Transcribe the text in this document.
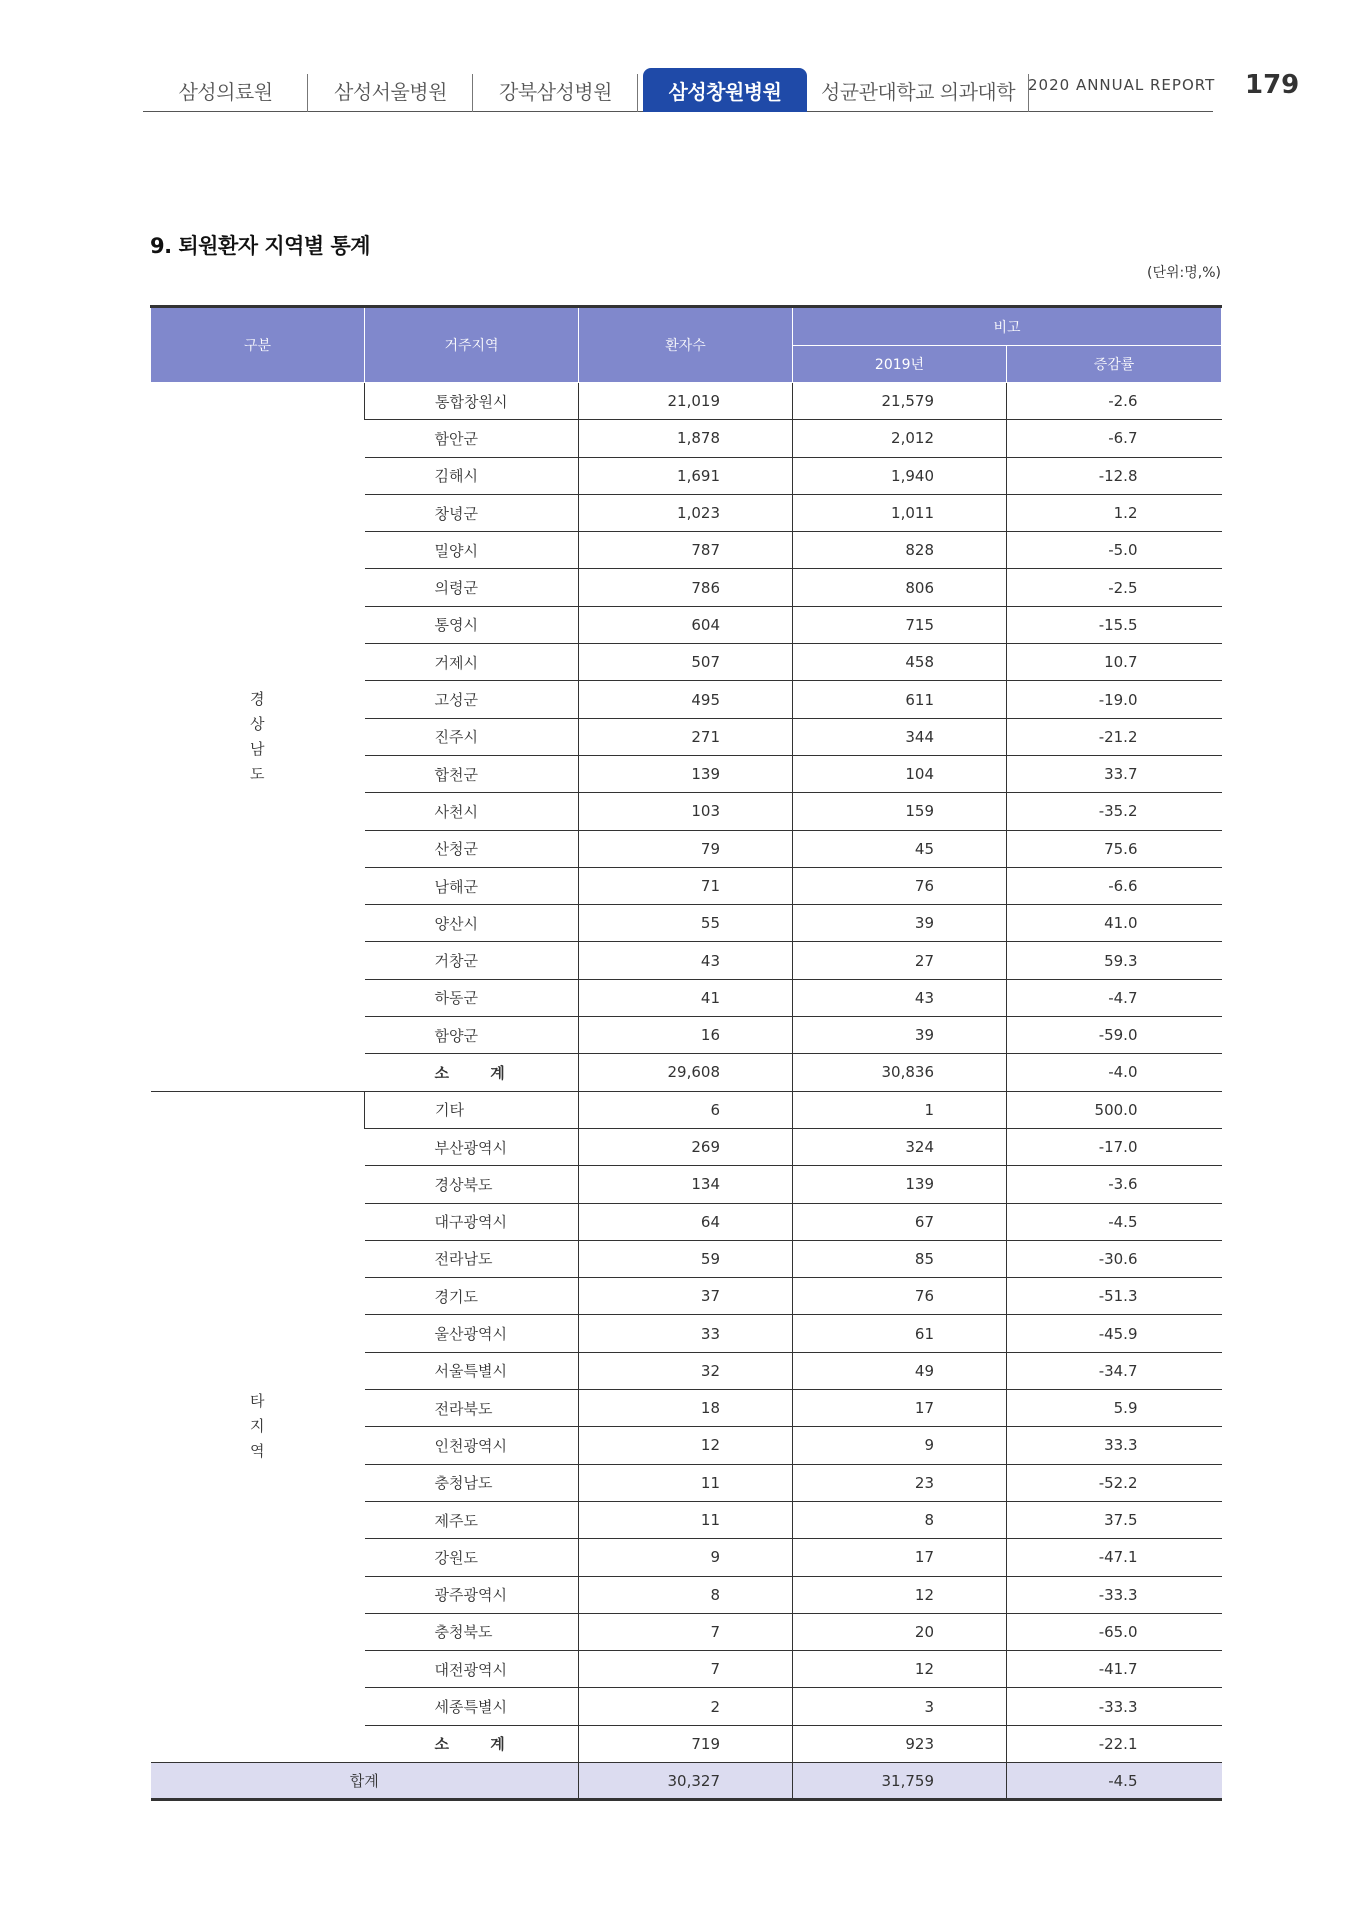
삼성의료원	삼성서울병원	강북삼성병원	삼성창원병원 성균관대학교 의과대학 2020 ANNUAL REPORT 179
9. 퇴원환자 지역별 통계
(단위:명,%)
구분	거주지역	환자수	비고	
			2019년	증감률
경
상
남
도	통합창원시	21,019	21,579	-2.6
	함안군	1,878	2,012	-6.7
	김해시	1,691	1,940	-12.8
	창녕군	1,023	1,011	1.2
	밀양시	787	828	-5.0
	의령군	786	806	-2.5
	통영시	604	715	-15.5
	거제시	507	458	10.7
	고성군	495	611	-19.0
	진주시	271	344	-21.2
	합천군	139	104	33.7
	사천시	103	159	-35.2
	산청군	79	45	75.6
	남해군	71	76	-6.6
	양산시	55	39	41.0
	거창군	43	27	59.3
	하동군	41	43	-4.7
	함양군	16	39	-59.0
	소 계	29,608	30,836	-4.0
타
지
역	기타	6	1	500.0
	부산광역시	269	324	-17.0
	경상북도	134	139	-3.6
	대구광역시	64	67	-4.5
	전라남도	59	85	-30.6
	경기도	37	76	-51.3
	울산광역시	33	61	-45.9
	서울특별시	32	49	-34.7
	전라북도	18	17	5.9
	인천광역시	12	9	33.3
	충청남도	11	23	-52.2
	제주도	11	8	37.5
	강원도	9	17	-47.1
	광주광역시	8	12	-33.3
	충청북도	7	20	-65.0
	대전광역시	7	12	-41.7
	세종특별시	2	3	-33.3
	소 계	719	923	-22.1
합계		30,327	31,759	-4.5
